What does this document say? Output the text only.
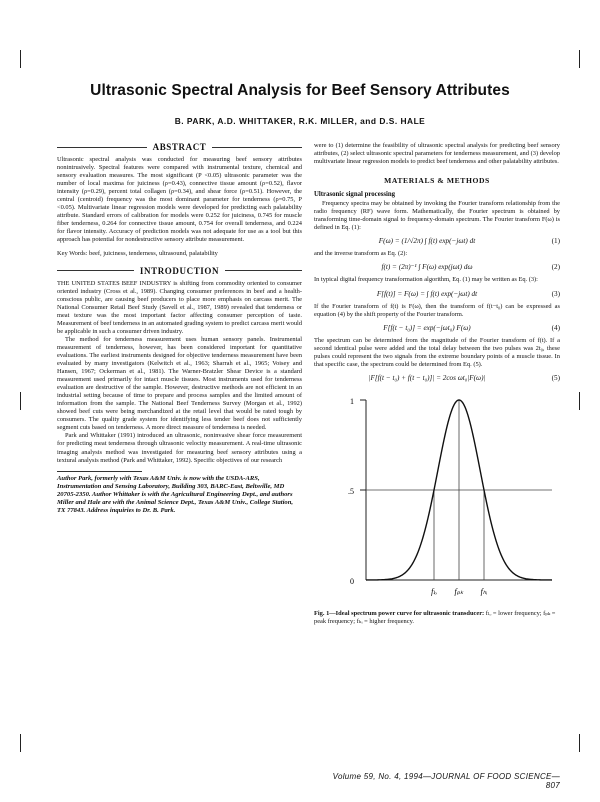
Ultrasonic Spectral Analysis for Beef Sensory Attributes
B. PARK, A.D. WHITTAKER, R.K. MILLER, and D.S. HALE
ABSTRACT

Ultrasonic spectral analysis was conducted for measuring beef sensory attributes nonintrusively. Spectral features were compared with instrumental texture, chemical and sensory evaluation measures. The most significant (P <0.05) ultrasonic parameter was the number of local maxima for juiciness (ρ=0.43), connective tissue amount (ρ=0.52), flavor intensity (ρ=0.29), percent total collagen (ρ=0.34), and shear force (ρ=0.51). However, the central (centroid) frequency was the most dominant parameter for tenderness (ρ=0.75, P <0.05). Multivariate linear regression models were developed for predicting each palatability attribute. Standard errors of calibration for models were 0.252 for juiciness, 0.745 for muscle fiber tenderness, 0.264 for connective tissue amount, 0.754 for overall tenderness, and 0.224 for flavor intensity. Accuracy of prediction models was not adequate for use as a tool but this approach has potential for nondestructive sensory attribute measurement.

Key Words: beef, juiciness, tenderness, ultrasound, palatability
INTRODUCTION

THE UNITED STATES BEEF INDUSTRY is shifting from commodity oriented to consumer oriented industry (Cross et al., 1989). Changing consumer preferences in beef and a health-conscious public, are causing beef producers to place more emphasis on carcass merit. The National Consumer Retail Beef Study (Savell et al., 1987, 1989) revealed that tenderness or meat texture was the most important factor affecting consumer perception of taste. Measurement of beef tenderness in an automated grading system to predict carcass merit would be applicable in such a consumer driven industry.

The method for tenderness measurement uses human sensory panels. Instrumental measurement of tenderness, however, has been considered important for quantitative evaluations. The earliest instruments designed for objective tenderness measurement have been evaluated by many investigators (Kelwitch et al., 1963; Sharrah et al., 1965; Voisey and Hansen, 1967; Ockerman et al., 1981). The Warner-Bratzler Shear Device is a standard measurement used primarily for intact muscle tissues. Most instruments used for tenderness evaluation are destructive of the sample. However, destructive methods are not efficient in an industrial setting because of time to prepare and process samples and the limited amount of information from the sample. The National Beef Tenderness Survey (Morgan et al., 1992) showed beef cuts were being merchandized at the retail level that would be rated tough by consumers. The quality grade system for identifying less tender beef does not sufficiently segment cuts based on tenderness. A more direct measure of tenderness is needed.

Park and Whittaker (1991) introduced an ultrasonic, noninvasive shear force measurement for predicting meat tenderness through ultrasonic velocity measurement. A real-time ultrasonic imaging analysis method was investigated for measuring beef sensory attributes using a textural analysis method (Park and Whittaker, 1992). Specific objectives of our research

Author Park, formerly with Texas A&M Univ. is now with the USDA-ARS, Instrumentation and Sensing Laboratory, Building 303, BARC-East, Beltsville, MD 20705-2350. Author Whittaker is with the Agricultural Engineering Dept., and authors Miller and Hale are with the Animal Science Dept., Texas A&M Univ., College Station, TX 77843. Address inquiries to Dr. B. Park.

were to (1) determine the feasibility of ultrasonic spectral analysis for predicting beef sensory attributes, (2) select ultrasonic spectral parameters for tenderness measurement, and (3) develop multivariate linear regression models to predict beef tenderness and other palatability attributes.

MATERIALS & METHODS
Ultrasonic signal processing

Frequency spectra may be obtained by invoking the Fourier transform relationship from the radio frequency (RF) wave form. Mathematically, the Fourier spectrum is obtained by transforming time-domain signal to frequency-domain spectrum. The Fourier transform F(ω) is defined in Eq. (1):

F(ω) = (1/√2π) ∫ f(t) exp(−jωt) dt	(1)

and the inverse transform as Eq. (2):

f(t) = (2π)⁻¹ ∫ F(ω) exp(jωt) dω	(2)

In typical digital frequency transformation algorithm, Eq. (1) may be written as Eq. (3):

F[f(t)] = F(ω) = ∫ f(t) exp(−jωt) dt	(3)

If the Fourier transform of f(t) is F(ω), then the transform of f(t−t₀) can be expressed as equation (4) by the shift property of the Fourier transform.

F[f(t − t₀)] = exp(−jωt₀) F(ω)	(4)

The spectrum can be determined from the magnitude of the Fourier transform of f(t). If a second identical pulse were added and the total delay between the two pulses was 2t₀, these pulses could represent the two signals from the extreme boundary points of a muscle tissue. In that specific case, the spectrum could be determined from Eq. (5).

|F[f(t − t₀) + f(t − t₀)]| = 2cos ωt₀|F(ω)|	(5)
1
.5
0
fₗₒ fₚₖ fₕᵢ
Fig. 1—Ideal spectrum power curve for ultrasonic transducer: fₗₒ = lower frequency; fₚₖ = peak frequency; fₕᵢ = higher frequency.
Volume 59, No. 4, 1994—JOURNAL OF FOOD SCIENCE—807
